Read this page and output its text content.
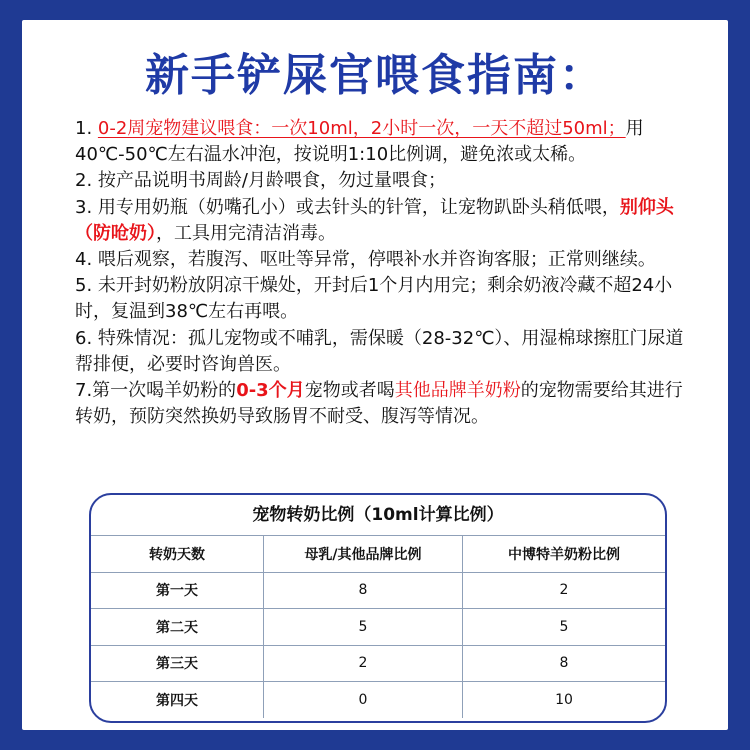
新手铲屎官喂食指南：

1. 0-2周宠物建议喂食：一次10ml，2小时一次，一天不超过50ml；用40℃-50℃左右温水冲泡，按说明1:10比例调，避免浓或太稀。

2. 按产品说明书周龄/月龄喂食，勿过量喂食；

3. 用专用奶瓶（奶嘴孔小）或去针头的针管，让宠物趴卧头稍低喂，别仰头（防呛奶），工具用完清洁消毒。

4. 喂后观察，若腹泻、呕吐等异常，停喂补水并咨询客服；正常则继续。

5. 未开封奶粉放阴凉干燥处，开封后1个月内用完；剩余奶液冷藏不超24小时，复温到38℃左右再喂。

6. 特殊情况：孤儿宠物或不哺乳，需保暖（28-32℃）、用湿棉球擦肛门尿道帮排便，必要时咨询兽医。

7.第一次喝羊奶粉的0-3个月宠物或者喝其他品牌羊奶粉的宠物需要给其进行转奶，预防突然换奶导致肠胃不耐受、腹泻等情况。

宠物转奶比例（10ml计算比例）
转奶天数	母乳/其他品牌比例	中博特羊奶粉比例
第一天	8	2
第二天	5	5
第三天	2	8
第四天	0	10
